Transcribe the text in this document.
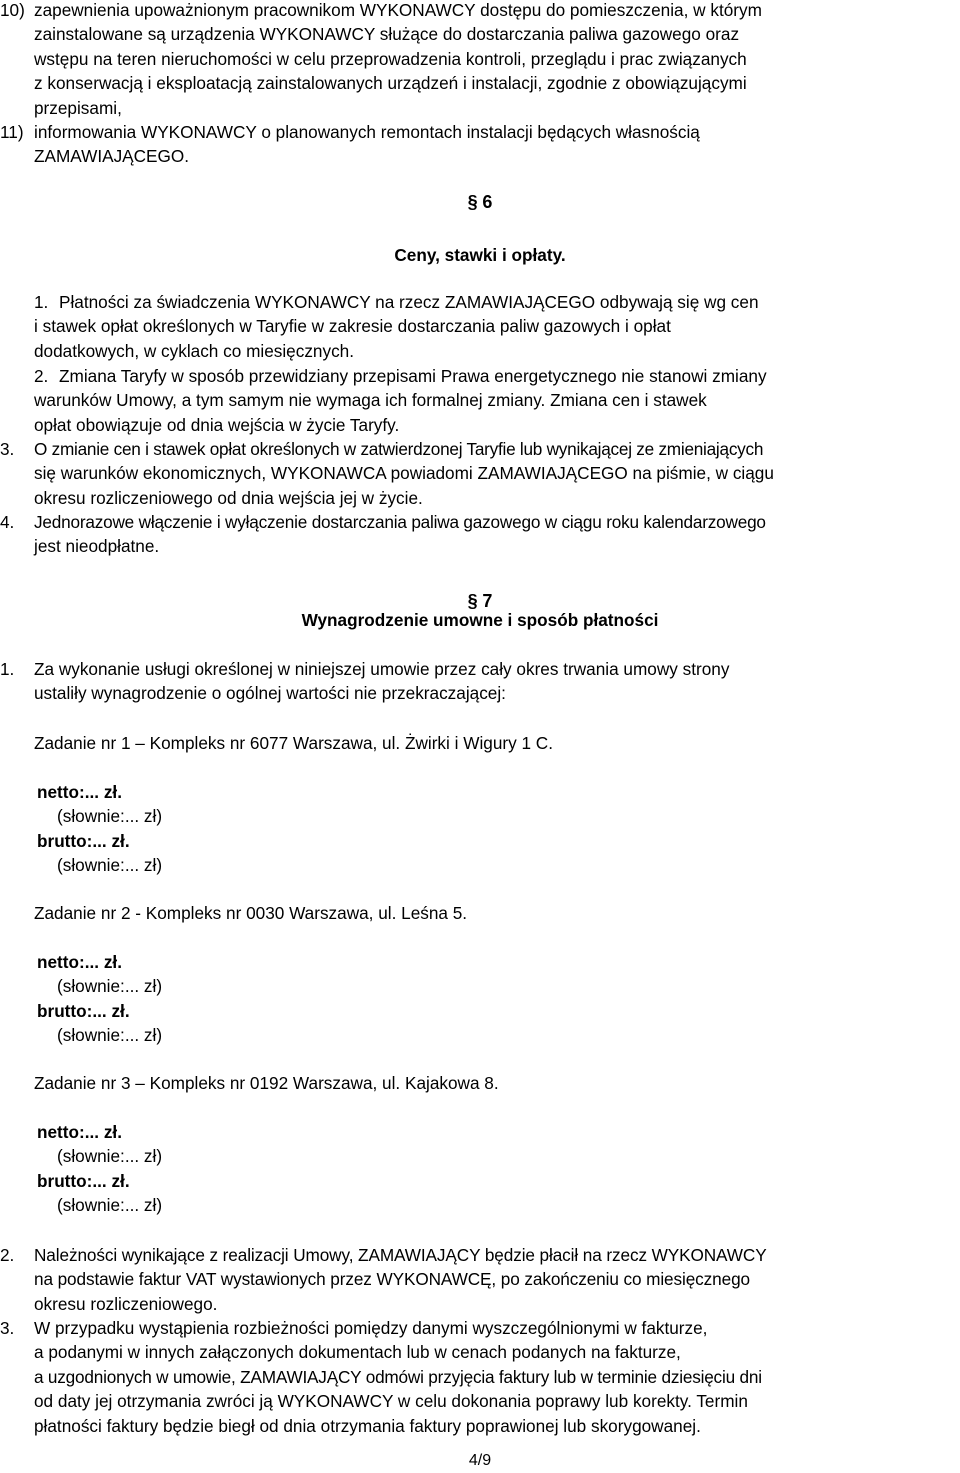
10) zapewnienia upoważnionym pracownikom WYKONAWCY dostępu do pomieszczenia, w którym
zainstalowane są urządzenia WYKONAWCY służące do dostarczania paliwa gazowego oraz
wstępu na teren nieruchomości w celu przeprowadzenia kontroli, przeglądu i prac związanych
z konserwacją i eksploatacją zainstalowanych urządzeń i instalacji, zgodnie z obowiązującymi
przepisami,
11) informowania WYKONAWCY o planowanych remontach instalacji będących własnością
ZAMAWIAJĄCEGO.
§ 6
Ceny, stawki i opłaty.
1. Płatności za świadczenia WYKONAWCY na rzecz ZAMAWIAJĄCEGO odbywają się wg cen
i stawek opłat określonych w Taryfie w zakresie dostarczania paliw gazowych i opłat
dodatkowych, w cyklach co miesięcznych.
2. Zmiana Taryfy w sposób przewidziany przepisami Prawa energetycznego nie stanowi zmiany
warunków Umowy, a tym samym nie wymaga ich formalnej zmiany. Zmiana cen i stawek
opłat obowiązuje od dnia wejścia w życie Taryfy.
3. O zmianie cen i stawek opłat określonych w zatwierdzonej Taryfie lub wynikającej ze zmieniających
się warunków ekonomicznych, WYKONAWCA powiadomi ZAMAWIAJĄCEGO na piśmie, w ciągu
okresu rozliczeniowego od dnia wejścia jej w życie.
4. Jednorazowe włączenie i wyłączenie dostarczania paliwa gazowego w ciągu roku kalendarzowego
jest nieodpłatne.
§ 7
Wynagrodzenie umowne i sposób płatności
1. Za wykonanie usługi określonej w niniejszej umowie przez cały okres trwania umowy strony
ustaliły wynagrodzenie o ogólnej wartości nie przekraczającej:
Zadanie nr 1 – Kompleks nr 6077 Warszawa, ul. Żwirki i Wigury 1 C.
netto:... zł.
(słownie:... zł)
brutto:... zł.
(słownie:... zł)
Zadanie nr 2 - Kompleks nr 0030 Warszawa, ul. Leśna 5.
netto:... zł.
(słownie:... zł)
brutto:... zł.
(słownie:... zł)
Zadanie nr 3 – Kompleks nr 0192 Warszawa, ul. Kajakowa 8.
netto:... zł.
(słownie:... zł)
brutto:... zł.
(słownie:... zł)
2. Należności wynikające z realizacji Umowy, ZAMAWIAJĄCY będzie płacił na rzecz WYKONAWCY
na podstawie faktur VAT wystawionych przez WYKONAWCĘ, po zakończeniu co miesięcznego
okresu rozliczeniowego.
3. W przypadku wystąpienia rozbieżności pomiędzy danymi wyszczególnionymi w fakturze,
a podanymi w innych załączonych dokumentach lub w cenach podanych na fakturze,
a uzgodnionych w umowie, ZAMAWIAJĄCY odmówi przyjęcia faktury lub w terminie dziesięciu dni
od daty jej otrzymania zwróci ją WYKONAWCY w celu dokonania poprawy lub korekty. Termin
płatności faktury będzie biegł od dnia otrzymania faktury poprawionej lub skorygowanej.
4/9
